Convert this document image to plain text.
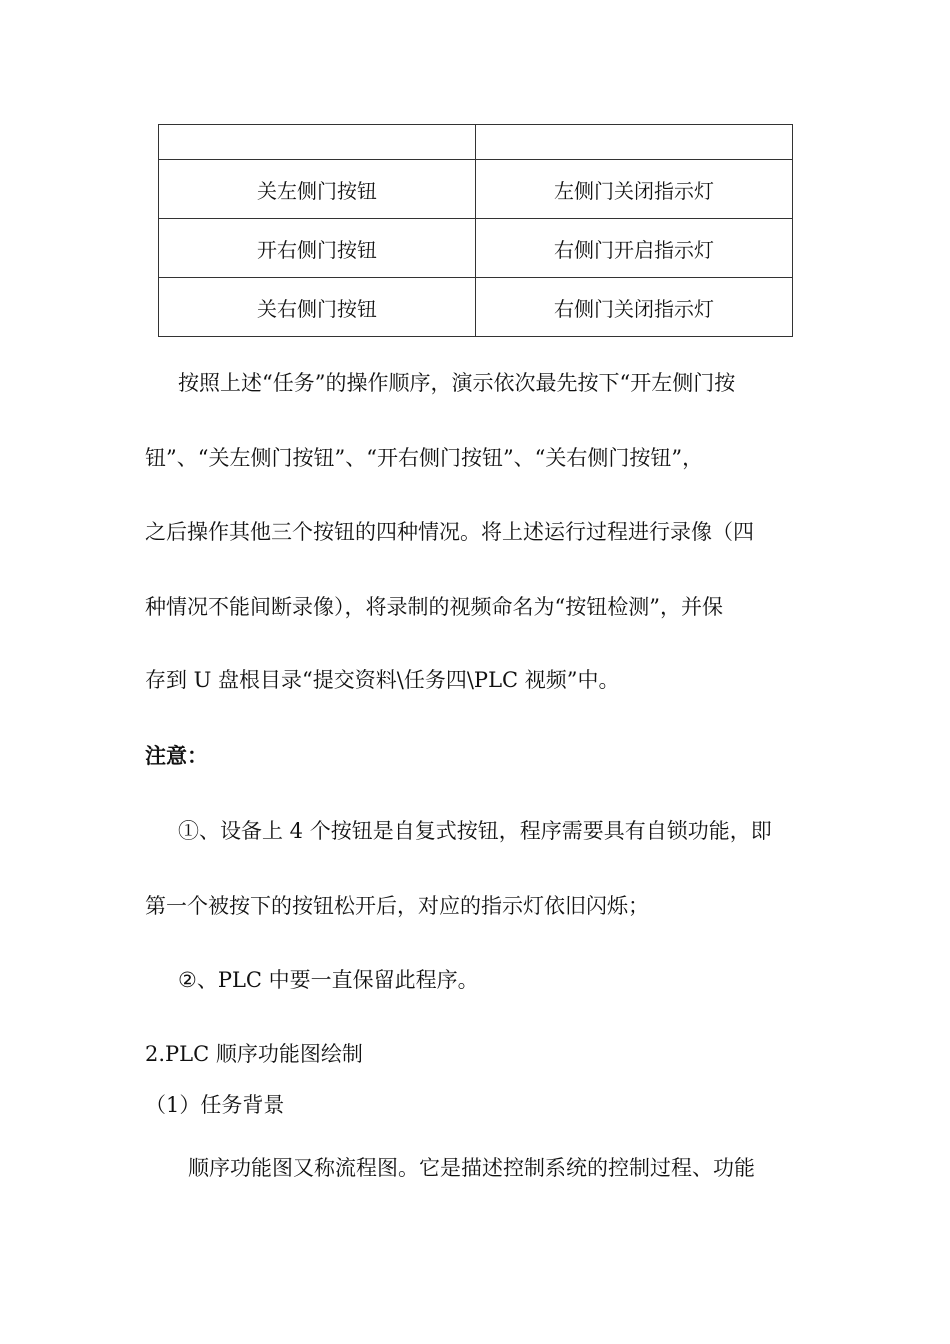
关左侧门按钮	左侧门关闭指示灯
开右侧门按钮	右侧门开启指示灯
关右侧门按钮	右侧门关闭指示灯
按照上述“任务”的操作顺序，演示依次最先按下“开左侧门按
钮”、“关左侧门按钮”、“开右侧门按钮”、“关右侧门按钮”，
之后操作其他三个按钮的四种情况。将上述运行过程进行录像（四
种情况不能间断录像），将录制的视频命名为“按钮检测”，并保
存到 U 盘根目录“提交资料\任务四\PLC 视频”中。
注意：
①、设备上 4 个按钮是自复式按钮，程序需要具有自锁功能，即
第一个被按下的按钮松开后，对应的指示灯依旧闪烁；
②、PLC 中要一直保留此程序。
2.PLC 顺序功能图绘制
（1）任务背景
顺序功能图又称流程图。它是描述控制系统的控制过程、功能
